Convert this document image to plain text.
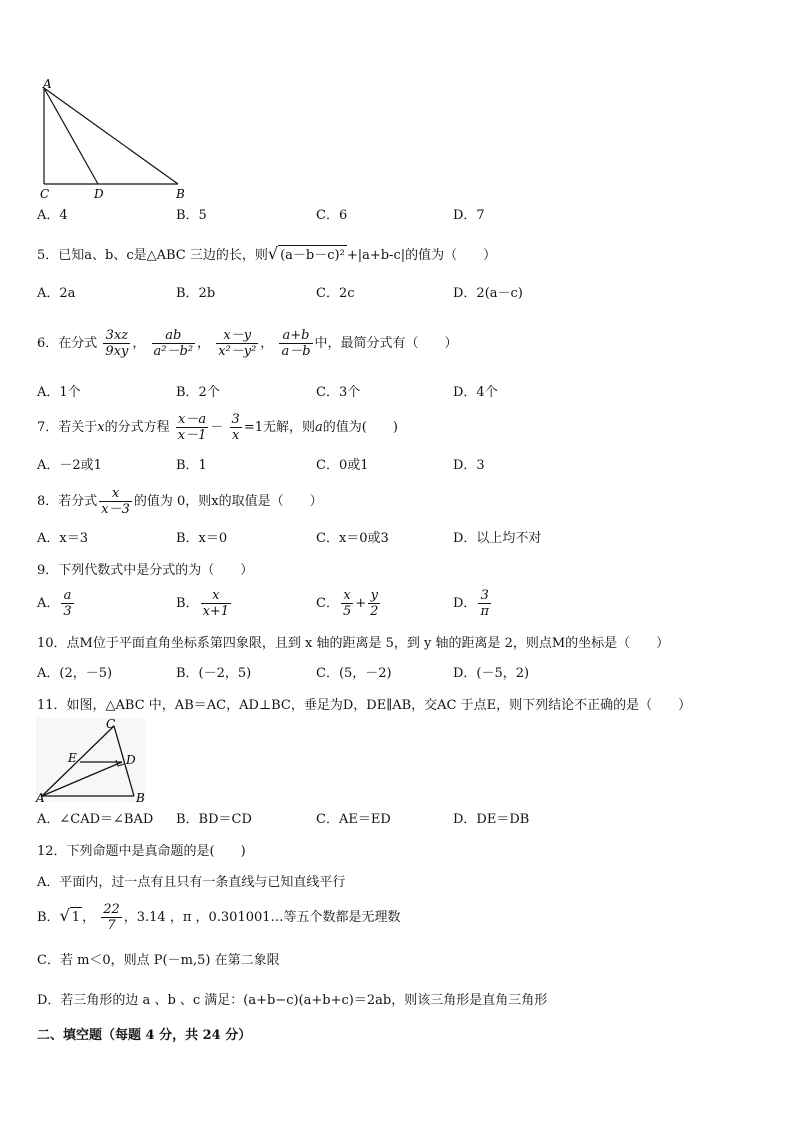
A
C	D	B
A．4	B．5	C．6	D．7
5．已知a、b、c是△ABC 三边的长，则√ (a－b－c)² +|a+b-c|的值为（　　）
A．2a	B．2b	C．2c	D．2(a－c)
6．在分式 $\frac{3xz}{9xy}$ ， $\frac{ab}{\text{a²－b²}}$ ， $\frac{x-y}{\text{x²－y²}}$ ， $\frac{a+b}{a-b}$ 中，最简分式有（　　）
A．1个	B．2个	C．3个	D．4个
7．若关于x的分式方程 $\frac{x-a}{x-1} - \frac{3}{x} =1$无解，则a的值为(　　)
A．－2或1	B．1	C．0或1	D．3
8．若分式 $\frac{x}{x-3}$ 的值为 0，则x的取值是（　　）
A．x＝3	B．x＝0	C．x＝0或3	D．以上均不对
9．下列代数式中是分式的为（　　）
A． $\frac{a}{3}$	B． $\frac{x}{x+1}$	C． $\frac{x}{5} + \frac{y}{2}$	D． $\frac{3}{\pi}$
10．点M位于平面直角坐标系第四象限，且到 x 轴的距离是 5，到 y 轴的距离是 2，则点M的坐标是（　　）
A．(2，－5)	B．(－2，5)	C．(5，－2)	D．(－5，2)
11．如图，△ABC 中，AB＝AC，AD⊥BC，垂足为D，DE∥AB，交AC 于点E，则下列结论不正确的是（　　）
C
E	D
A	B
A．∠CAD＝∠BAD B．BD＝CD	C．AE＝ED	D．DE＝DB
12．下列命题中是真命题的是(　　)
A．平面内，过一点有且只有一条直线与已知直线平行
B．√ 1 ， $\frac{22}{7}$ ，3.14 ，π ，0.301001…等五个数都是无理数
C．若 m＜0，则点 P(－m,5) 在第二象限
D．若三角形的边 a 、b 、c 满足：(a+b−c)(a+b+c)＝2ab，则该三角形是直角三角形
二、填空题（每题 4 分，共 24 分）
